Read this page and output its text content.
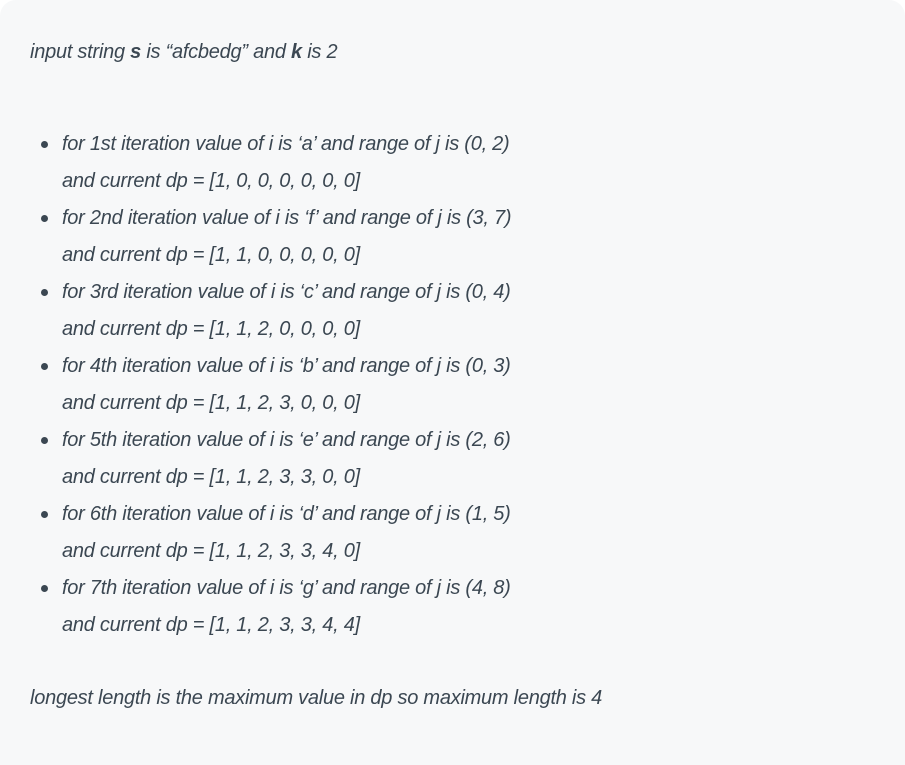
input string s is “afcbedg” and k is 2

for 1st iteration value of i is ‘a’ and range of j is (0, 2)
and current dp = [1, 0, 0, 0, 0, 0, 0]
for 2nd iteration value of i is ‘f’ and range of j is (3, 7)
and current dp = [1, 1, 0, 0, 0, 0, 0]
for 3rd iteration value of i is ‘c’ and range of j is (0, 4)
and current dp = [1, 1, 2, 0, 0, 0, 0]
for 4th iteration value of i is ‘b’ and range of j is (0, 3)
and current dp = [1, 1, 2, 3, 0, 0, 0]
for 5th iteration value of i is ‘e’ and range of j is (2, 6)
and current dp = [1, 1, 2, 3, 3, 0, 0]
for 6th iteration value of i is ‘d’ and range of j is (1, 5)
and current dp = [1, 1, 2, 3, 3, 4, 0]
for 7th iteration value of i is ‘g’ and range of j is (4, 8)
and current dp = [1, 1, 2, 3, 3, 4, 4]

longest length is the maximum value in dp so maximum length is 4
